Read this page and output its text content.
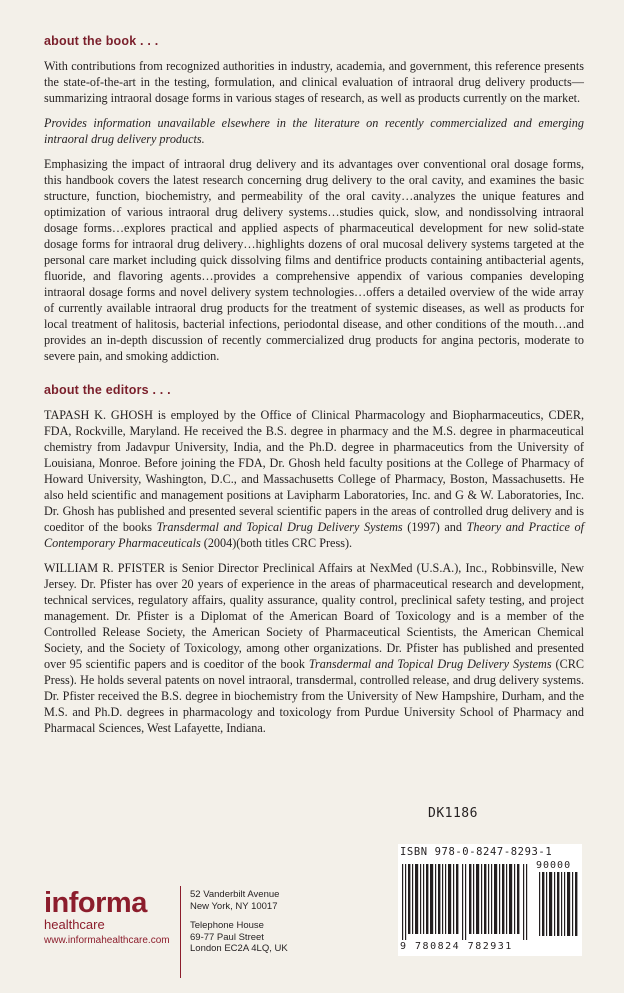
about the book . . .

With contributions from recognized authorities in industry, academia, and government, this reference presents the state-of-the-art in the testing, formulation, and clinical evaluation of intraoral drug delivery products—summarizing intraoral dosage forms in various stages of research, as well as products currently on the market.

Provides information unavailable elsewhere in the literature on recently commercialized and emerging intraoral drug delivery products.

Emphasizing the impact of intraoral drug delivery and its advantages over conventional oral dosage forms, this handbook covers the latest research concerning drug delivery to the oral cavity, and examines the basic structure, function, biochemistry, and permeability of the oral cavity…analyzes the unique features and optimization of various intraoral drug delivery systems…studies quick, slow, and nondissolving intraoral dosage forms…explores practical and applied aspects of pharmaceutical development for new solid-state dosage forms for intraoral drug delivery…highlights dozens of oral mucosal delivery systems targeted at the personal care market including quick dissolving films and dentifrice products containing antibacterial agents, fluoride, and flavoring agents…provides a comprehensive appendix of various companies developing intraoral dosage forms and novel delivery system technologies…offers a detailed overview of the wide array of currently available intraoral drug products for the treatment of systemic diseases, as well as products for local treatment of halitosis, bacterial infections, periodontal disease, and other conditions of the mouth…and provides an in-depth discussion of recently commercialized drug products for angina pectoris, moderate to severe pain, and smoking addiction.

about the editors . . .

TAPASH K. GHOSH is employed by the Office of Clinical Pharmacology and Biopharmaceutics, CDER, FDA, Rockville, Maryland. He received the B.S. degree in pharmacy and the M.S. degree in pharmaceutical chemistry from Jadavpur University, India, and the Ph.D. degree in pharmaceutics from the University of Louisiana, Monroe. Before joining the FDA, Dr. Ghosh held faculty positions at the College of Pharmacy of Howard University, Washington, D.C., and Massachusetts College of Pharmacy, Boston, Massachusetts. He also held scientific and management positions at Lavipharm Laboratories, Inc. and G & W. Laboratories, Inc. Dr. Ghosh has published and presented several scientific papers in the areas of controlled drug delivery and is coeditor of the books Transdermal and Topical Drug Delivery Systems (1997) and Theory and Practice of Contemporary Pharmaceuticals (2004)(both titles CRC Press).

WILLIAM R. PFISTER is Senior Director Preclinical Affairs at NexMed (U.S.A.), Inc., Robbinsville, New Jersey. Dr. Pfister has over 20 years of experience in the areas of pharmaceutical research and development, technical services, regulatory affairs, quality assurance, quality control, preclinical safety testing, and project management. Dr. Pfister is a Diplomat of the American Board of Toxicology and is a member of the Controlled Release Society, the American Society of Pharmaceutical Scientists, the American Chemical Society, and the Society of Toxicology, among other organizations. Dr. Pfister has published and presented over 95 scientific papers and is coeditor of the book Transdermal and Topical Drug Delivery Systems (CRC Press). He holds several patents on novel intraoral, transdermal, controlled release, and drug delivery systems. Dr. Pfister received the B.S. degree in biochemistry from the University of New Hampshire, Durham, and the M.S. and Ph.D. degrees in pharmacology and toxicology from Purdue University School of Pharmacy and Pharmacal Sciences, West Lafayette, Indiana.

DK1186
ISBN 978-0-8247-8293-1
90000
9 780824 782931
informa
healthcare
www.informahealthcare.com
52 Vanderbilt Avenue
New York, NY 10017
Telephone House
69-77 Paul Street
London EC2A 4LQ, UK
